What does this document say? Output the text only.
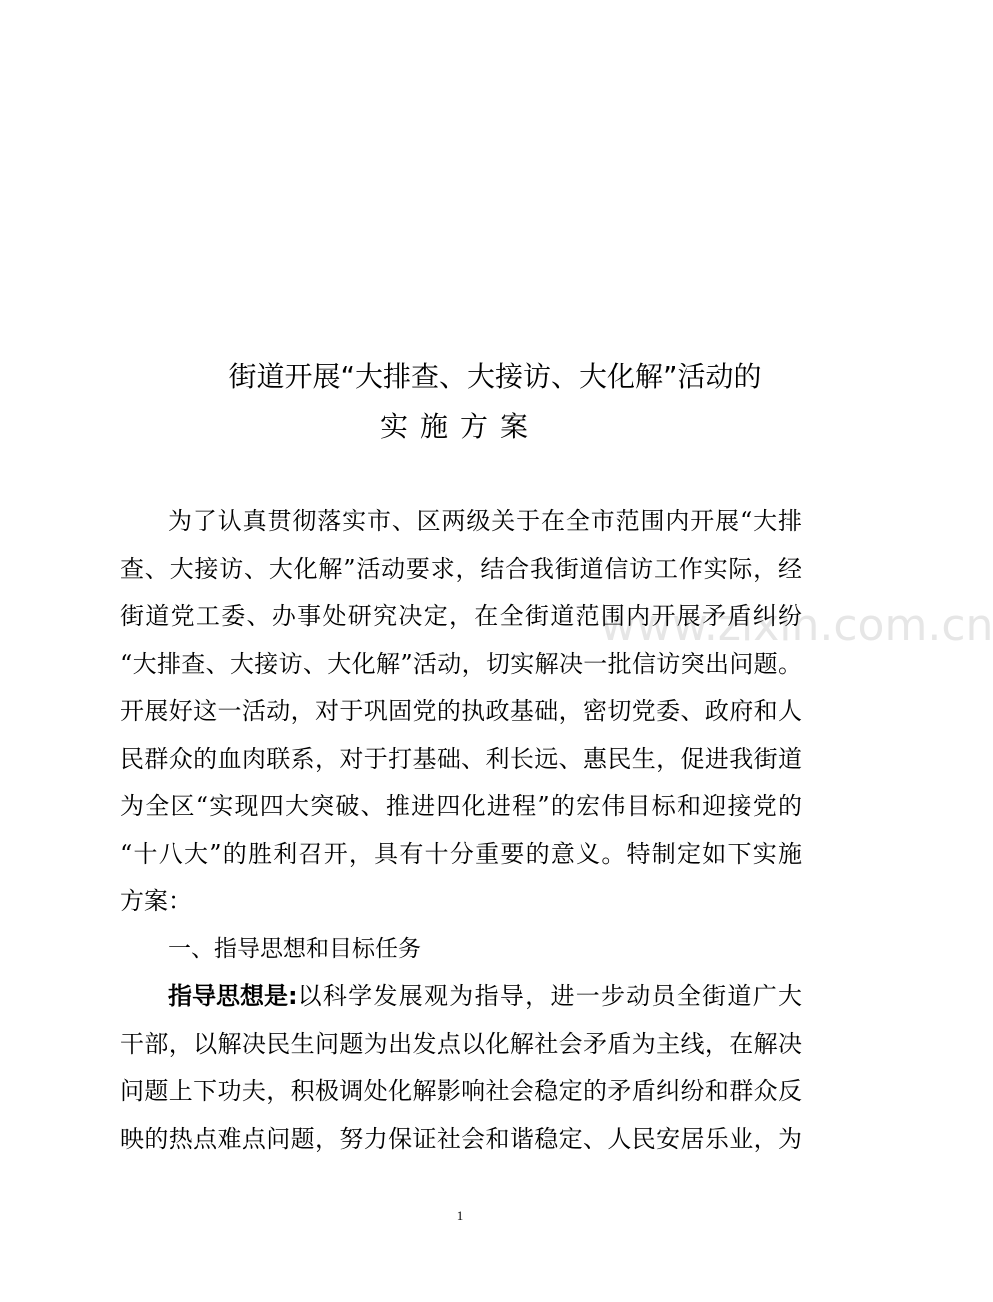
www.zixin.com.cn
街道开展“大排查、大接访、大化解”活动的
实施方案
为了认真贯彻落实市、区两级关于在全市范围内开展“大排
查、大接访、大化解”活动要求，结合我街道信访工作实际，经
街道党工委、办事处研究决定，在全街道范围内开展矛盾纠纷
“大排查、大接访、大化解”活动，切实解决一批信访突出问题。
开展好这一活动，对于巩固党的执政基础，密切党委、政府和人
民群众的血肉联系，对于打基础、利长远、惠民生，促进我街道
为全区“实现四大突破、推进四化进程”的宏伟目标和迎接党的
“十八大”的胜利召开，具有十分重要的意义。特制定如下实施
方案：
一、指导思想和目标任务
指导思想是: 以科学发展观为指导，进一步动员全街道广大
干部，以解决民生问题为出发点以化解社会矛盾为主线，在解决
问题上下功夫，积极调处化解影响社会稳定的矛盾纠纷和群众反
映的热点难点问题，努力保证社会和谐稳定、人民安居乐业，为
1
